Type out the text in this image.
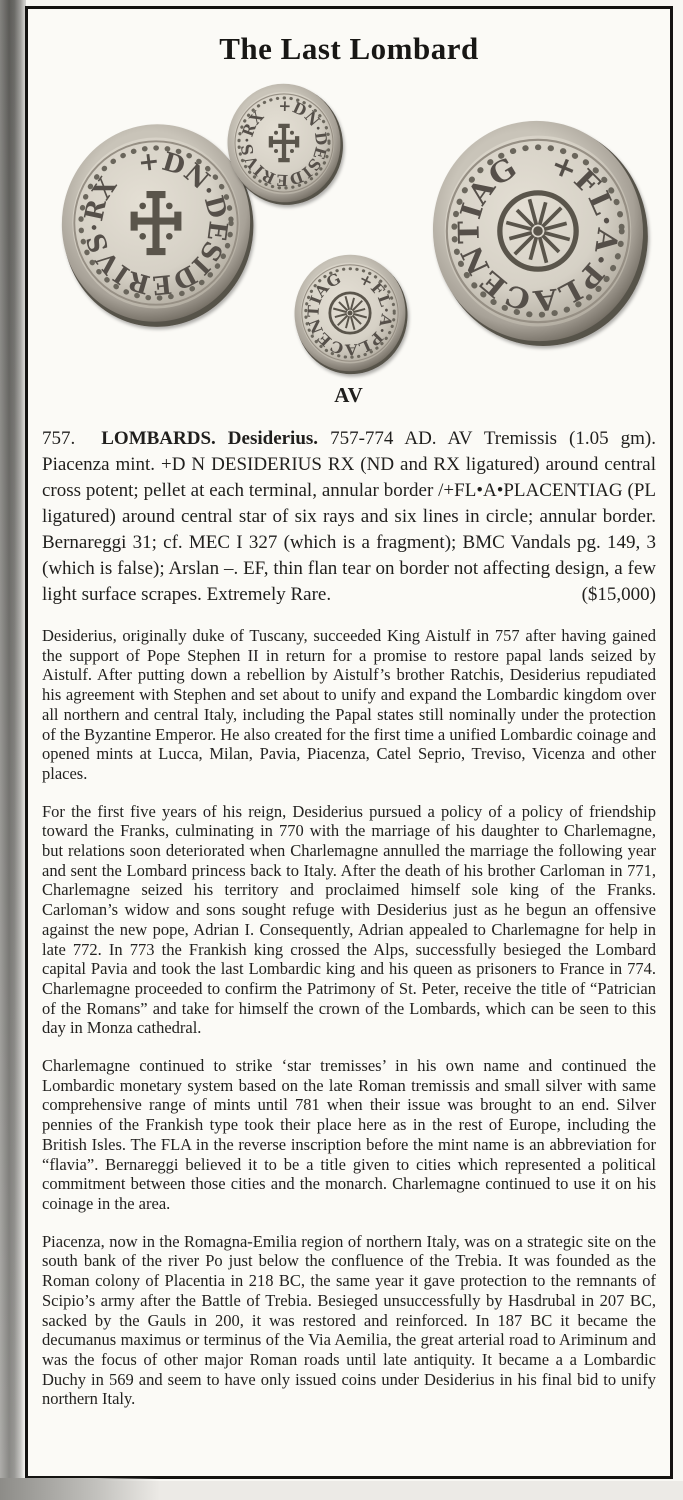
The Last Lombard
+DN·DESIDERIVS·RX
+DN·DESIDERIVS·RX
+FL·A·PLACENTIAG
+FL·A·PLACENTIAG
AV

757. LOMBARDS. Desiderius. 757-774 AD. AV Tremissis (1.05 gm). Piacenza mint. +D N DESIDERIUS RX (ND and RX ligatured) around central cross potent; pellet at each terminal, annular border /+FL•A•PLACENTIAG (PL ligatured) around central star of six rays and six lines in circle; annular border. Bernareggi 31; cf. MEC I 327 (which is a fragment); BMC Vandals pg. 149, 3 (which is false); Arslan –. EF, thin flan tear on border not affecting design, a few light surface scrapes. Extremely Rare.	($15,000)

Desiderius, originally duke of Tuscany, succeeded King Aistulf in 757 after having gained the support of Pope Stephen II in return for a promise to restore papal lands seized by Aistulf. After putting down a rebellion by Aistulf’s brother Ratchis, Desiderius repudiated his agreement with Stephen and set about to unify and expand the Lombardic kingdom over all northern and central Italy, including the Papal states still nominally under the protection of the Byzantine Emperor. He also created for the first time a unified Lombardic coinage and opened mints at Lucca, Milan, Pavia, Piacenza, Catel Seprio, Treviso, Vicenza and other places.

For the first five years of his reign, Desiderius pursued a policy of a policy of friendship toward the Franks, culminating in 770 with the marriage of his daughter to Charlemagne, but relations soon deteriorated when Charlemagne annulled the marriage the following year and sent the Lombard princess back to Italy. After the death of his brother Carloman in 771, Charlemagne seized his territory and proclaimed himself sole king of the Franks. Carloman’s widow and sons sought refuge with Desiderius just as he begun an offensive against the new pope, Adrian I. Consequently, Adrian appealed to Charlemagne for help in late 772. In 773 the Frankish king crossed the Alps, successfully besieged the Lombard capital Pavia and took the last Lombardic king and his queen as prisoners to France in 774. Charlemagne proceeded to confirm the Patrimony of St. Peter, receive the title of “Patrician of the Romans” and take for himself the crown of the Lombards, which can be seen to this day in Monza cathedral.

Charlemagne continued to strike ‘star tremisses’ in his own name and continued the Lombardic monetary system based on the late Roman tremissis and small silver with same comprehensive range of mints until 781 when their issue was brought to an end. Silver pennies of the Frankish type took their place here as in the rest of Europe, including the British Isles. The FLA in the reverse inscription before the mint name is an abbreviation for “flavia”. Bernareggi believed it to be a title given to cities which represented a political commitment between those cities and the monarch. Charlemagne continued to use it on his coinage in the area.

Piacenza, now in the Romagna-Emilia region of northern Italy, was on a strategic site on the south bank of the river Po just below the confluence of the Trebia. It was founded as the Roman colony of Placentia in 218 BC, the same year it gave protection to the remnants of Scipio’s army after the Battle of Trebia. Besieged unsuccessfully by Hasdrubal in 207 BC, sacked by the Gauls in 200, it was restored and reinforced. In 187 BC it became the decumanus maximus or terminus of the Via Aemilia, the great arterial road to Ariminum and was the focus of other major Roman roads until late antiquity. It became a a Lombardic Duchy in 569 and seem to have only issued coins under Desiderius in his final bid to unify northern Italy.
